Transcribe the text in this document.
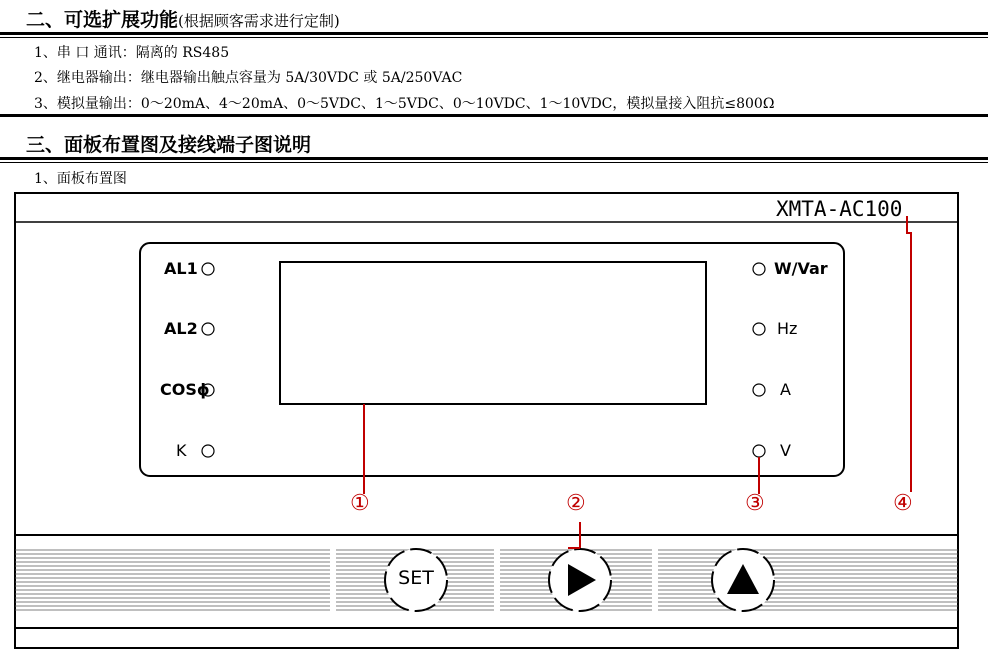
二、可选扩展功能(根据顾客需求进行定制)
1、串 口 通讯：隔离的 RS485
2、继电器输出：继电器输出触点容量为 5A/30VDC 或 5A/250VAC
3、模拟量输出：0～20mA、4～20mA、0～5VDC、1～5VDC、0～10VDC、1～10VDC，模拟量接入阻抗≤800Ω
三、面板布置图及接线端子图说明
1、面板布置图
XMTA-AC100
AL1
AL2
COSϕ
K
W/Var
Hz
A
V
①	②	③	④
SET
